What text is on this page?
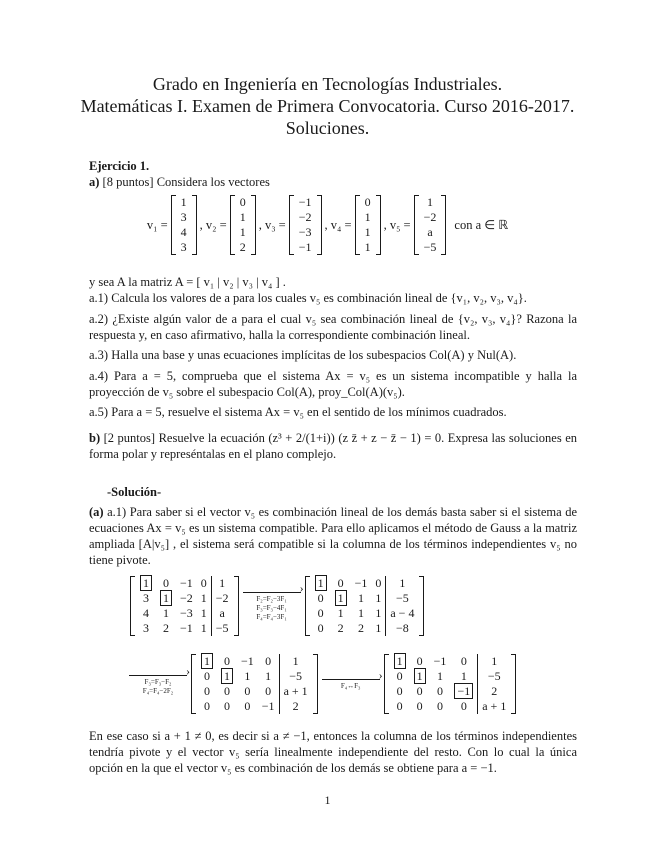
Grado en Ingeniería en Tecnologías Industriales.
Matemáticas I. Examen de Primera Convocatoria. Curso 2016-2017.
Soluciones.
Ejercicio 1.
a) [8 puntos] Considera los vectores
v₁ =
1
3
4
3
, v₂ =
0
1
1
2
, v₃ =
−1
−2
−3
−1
, v₄ =
0
1
1
1
, v₅ =
1
−2
a
−5
con a ∈ ℝ
y sea A la matriz A = [ v₁ | v₂ | v₃ | v₄ ] .
a.1) Calcula los valores de a para los cuales v₅ es combinación lineal de {v₁, v₂, v₃, v₄}.
a.2) ¿Existe algún valor de a para el cual v₅ sea combinación lineal de {v₂, v₃, v₄}? Razona la respuesta y, en caso afirmativo, halla la correspondiente combinación lineal.
a.3) Halla una base y unas ecuaciones implícitas de los subespacios Col(A) y Nul(A).
a.4) Para a = 5, comprueba que el sistema Ax = v₅ es un sistema incompatible y halla la proyección de v₅ sobre el subespacio Col(A), proy_Col(A)(v₅).
a.5) Para a = 5, resuelve el sistema Ax = v₅ en el sentido de los mínimos cuadrados.
b) [2 puntos] Resuelve la ecuación (z³ + 2/(1+i)) (z z̄ + z − z̄ − 1) = 0. Expresa las soluciones en forma polar y represéntalas en el plano complejo.
-Solución-
(a) a.1) Para saber si el vector v₅ es combinación lineal de los demás basta saber si el sistema de ecuaciones Ax = v₅ es un sistema compatible. Para ello aplicamos el método de Gauss a la matriz ampliada [A|v₅] , el sistema será compatible si la columna de los términos independientes v₅ no tiene pivote.
1	0	−1	0	1
3	1	−2	1	−2
4	1	−3	1	a
3	2	−1	1	−5
›
F₂=F₂−3F₁
F₃=F₃−4F₁
F₄=F₄−3F₁
1	0	−1	0	1
0	1	1	1	−5
0	1	1	1	a − 4
0	2	2	1	−8
›
F₃=F₃−F₂
F₄=F₄−2F₂
1	0	−1	0	1
0	1	1	1	−5
0	0	0	0	a + 1
0	0	0	−1	2
›
F₄↔F₃
1	0	−1	0	1
0	1	1	1	−5
0	0	0	−1	2
0	0	0	0	a + 1
En ese caso si a + 1 ≠ 0, es decir si a ≠ −1, entonces la columna de los términos independientes tendría pivote y el vector v₅ sería linealmente independiente del resto. Con lo cual la única opción en la que el vector v₅ es combinación de los demás se obtiene para a = −1.
1
